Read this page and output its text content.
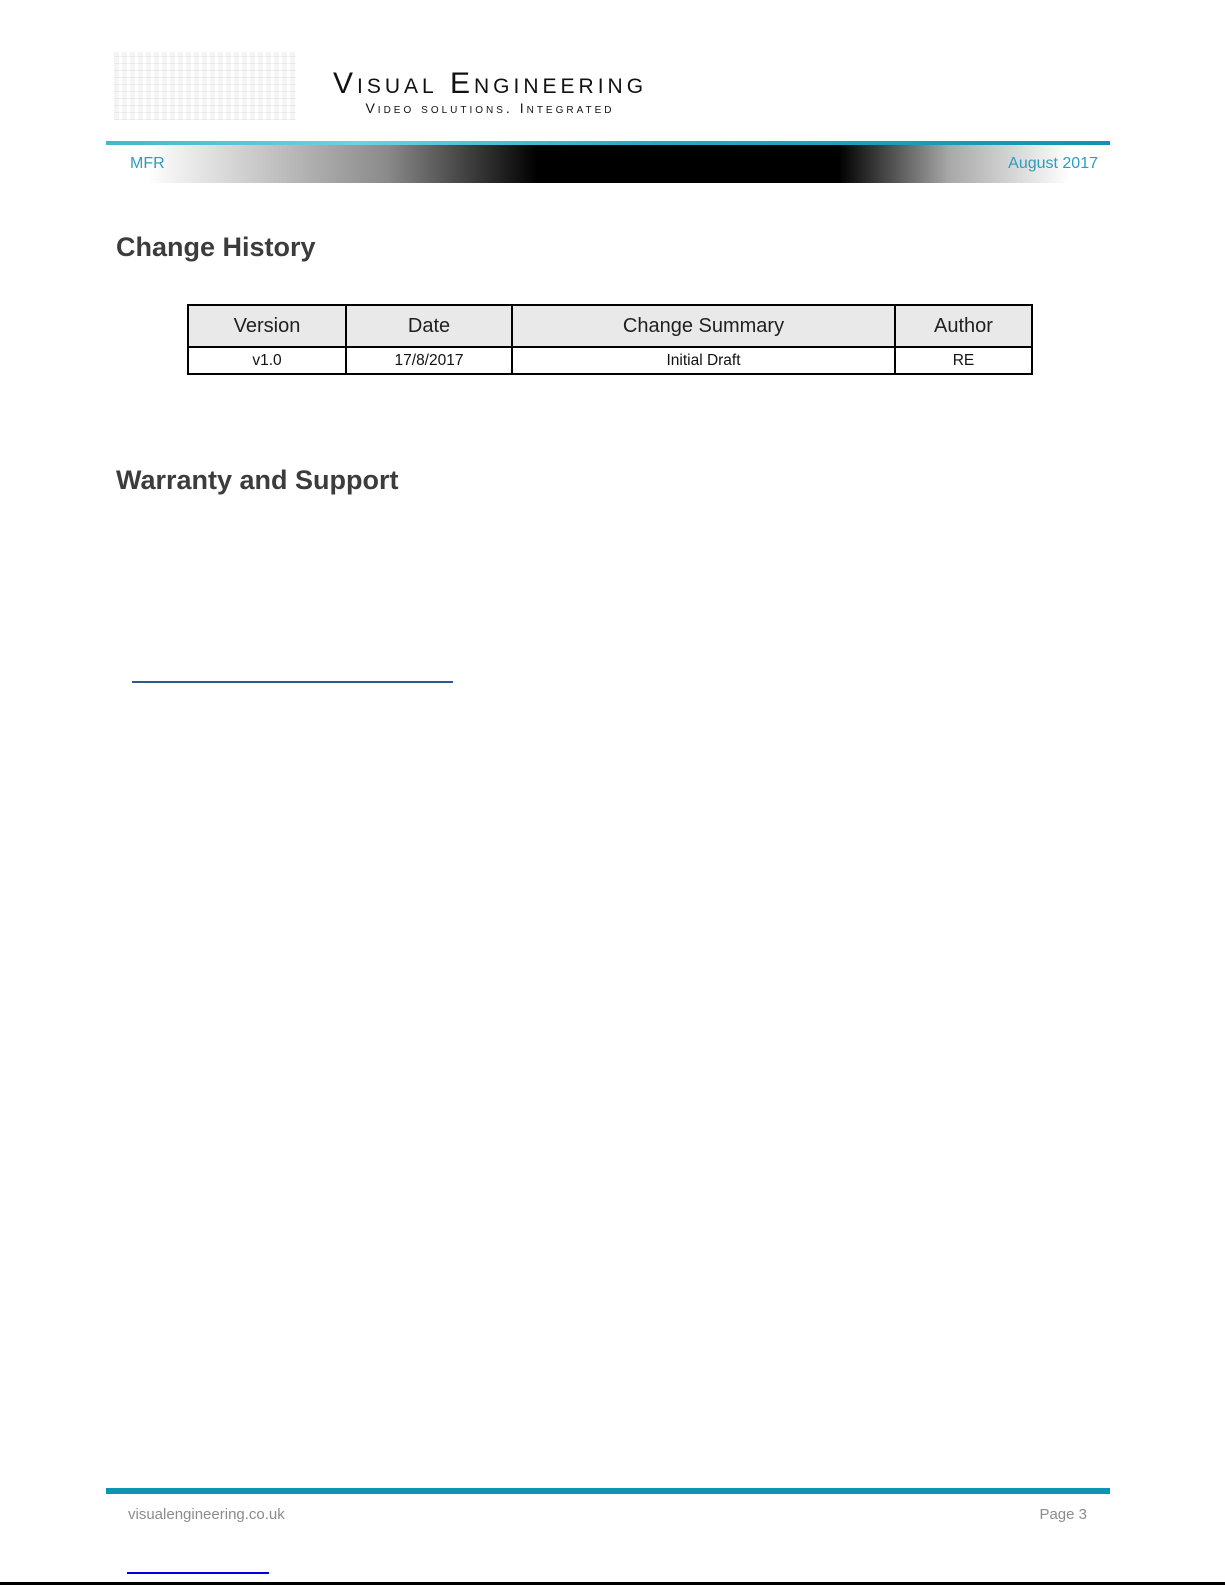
Visual Engineering
Video solutions. Integrated
MFR	August 2017
Change History
Version	Date	Change Summary	Author
v1.0	17/8/2017	Initial Draft	RE
Warranty and Support
visualengineering.co.uk	Page 3
